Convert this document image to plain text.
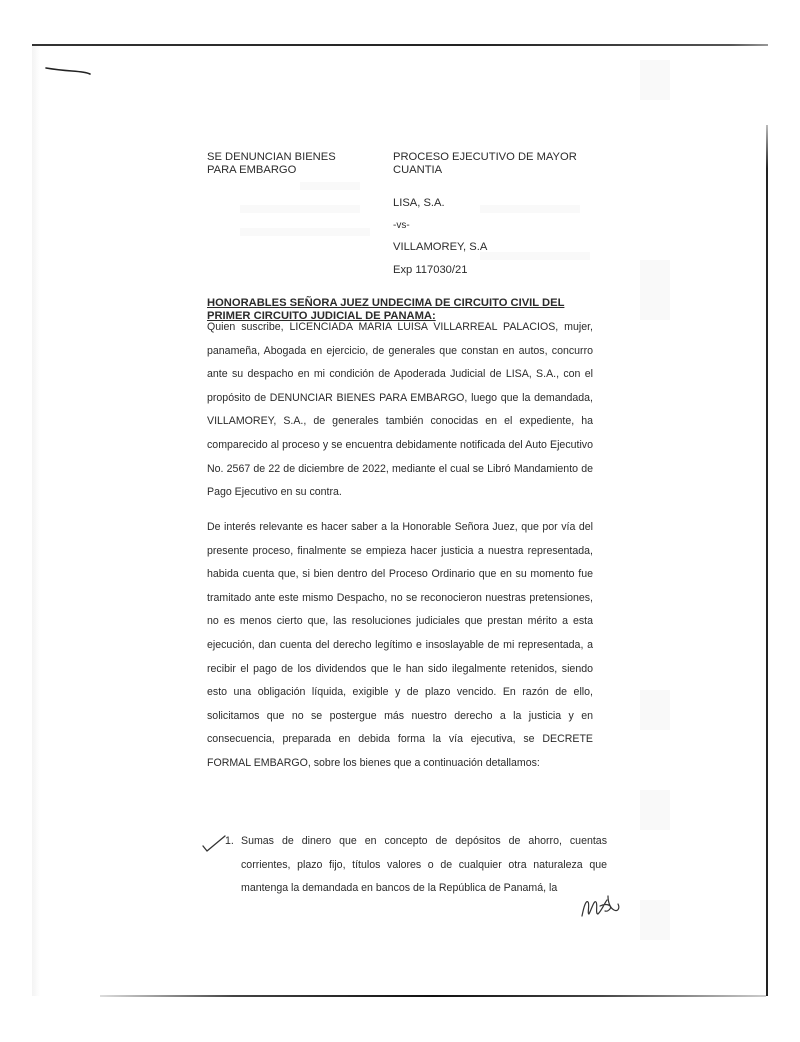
SE DENUNCIAN BIENES
PARA EMBARGO
PROCESO EJECUTIVO DE MAYOR
CUANTIA
LISA, S.A.
-vs-
VILLAMOREY, S.A
Exp 117030/21
HONORABLES SEÑORA JUEZ UNDECIMA DE CIRCUITO CIVIL DEL PRIMER CIRCUITO JUDICIAL DE PANAMA:
Quien suscribe, LICENCIADA MARIA LUISA VILLARREAL PALACIOS, mujer, panameña, Abogada en ejercicio, de generales que constan en autos, concurro ante su despacho en mi condición de Apoderada Judicial de LISA, S.A., con el propósito de DENUNCIAR BIENES PARA EMBARGO, luego que la demandada, VILLAMOREY, S.A., de generales también conocidas en el expediente, ha comparecido al proceso y se encuentra debidamente notificada del Auto Ejecutivo No. 2567 de 22 de diciembre de 2022, mediante el cual se Libró Mandamiento de Pago Ejecutivo en su contra.
De interés relevante es hacer saber a la Honorable Señora Juez, que por vía del presente proceso, finalmente se empieza hacer justicia a nuestra representada, habida cuenta que, si bien dentro del Proceso Ordinario que en su momento fue tramitado ante este mismo Despacho, no se reconocieron nuestras pretensiones, no es menos cierto que, las resoluciones judiciales que prestan mérito a esta ejecución, dan cuenta del derecho legítimo e insoslayable de mi representada, a recibir el pago de los dividendos que le han sido ilegalmente retenidos, siendo esto una obligación líquida, exigible y de plazo vencido. En razón de ello, solicitamos que no se postergue más nuestro derecho a la justicia y en consecuencia, preparada en debida forma la vía ejecutiva, se DECRETE FORMAL EMBARGO, sobre los bienes que a continuación detallamos:
1. Sumas de dinero que en concepto de depósitos de ahorro, cuentas corrientes, plazo fijo, títulos valores o de cualquier otra naturaleza que mantenga la demandada en bancos de la República de Panamá, la
